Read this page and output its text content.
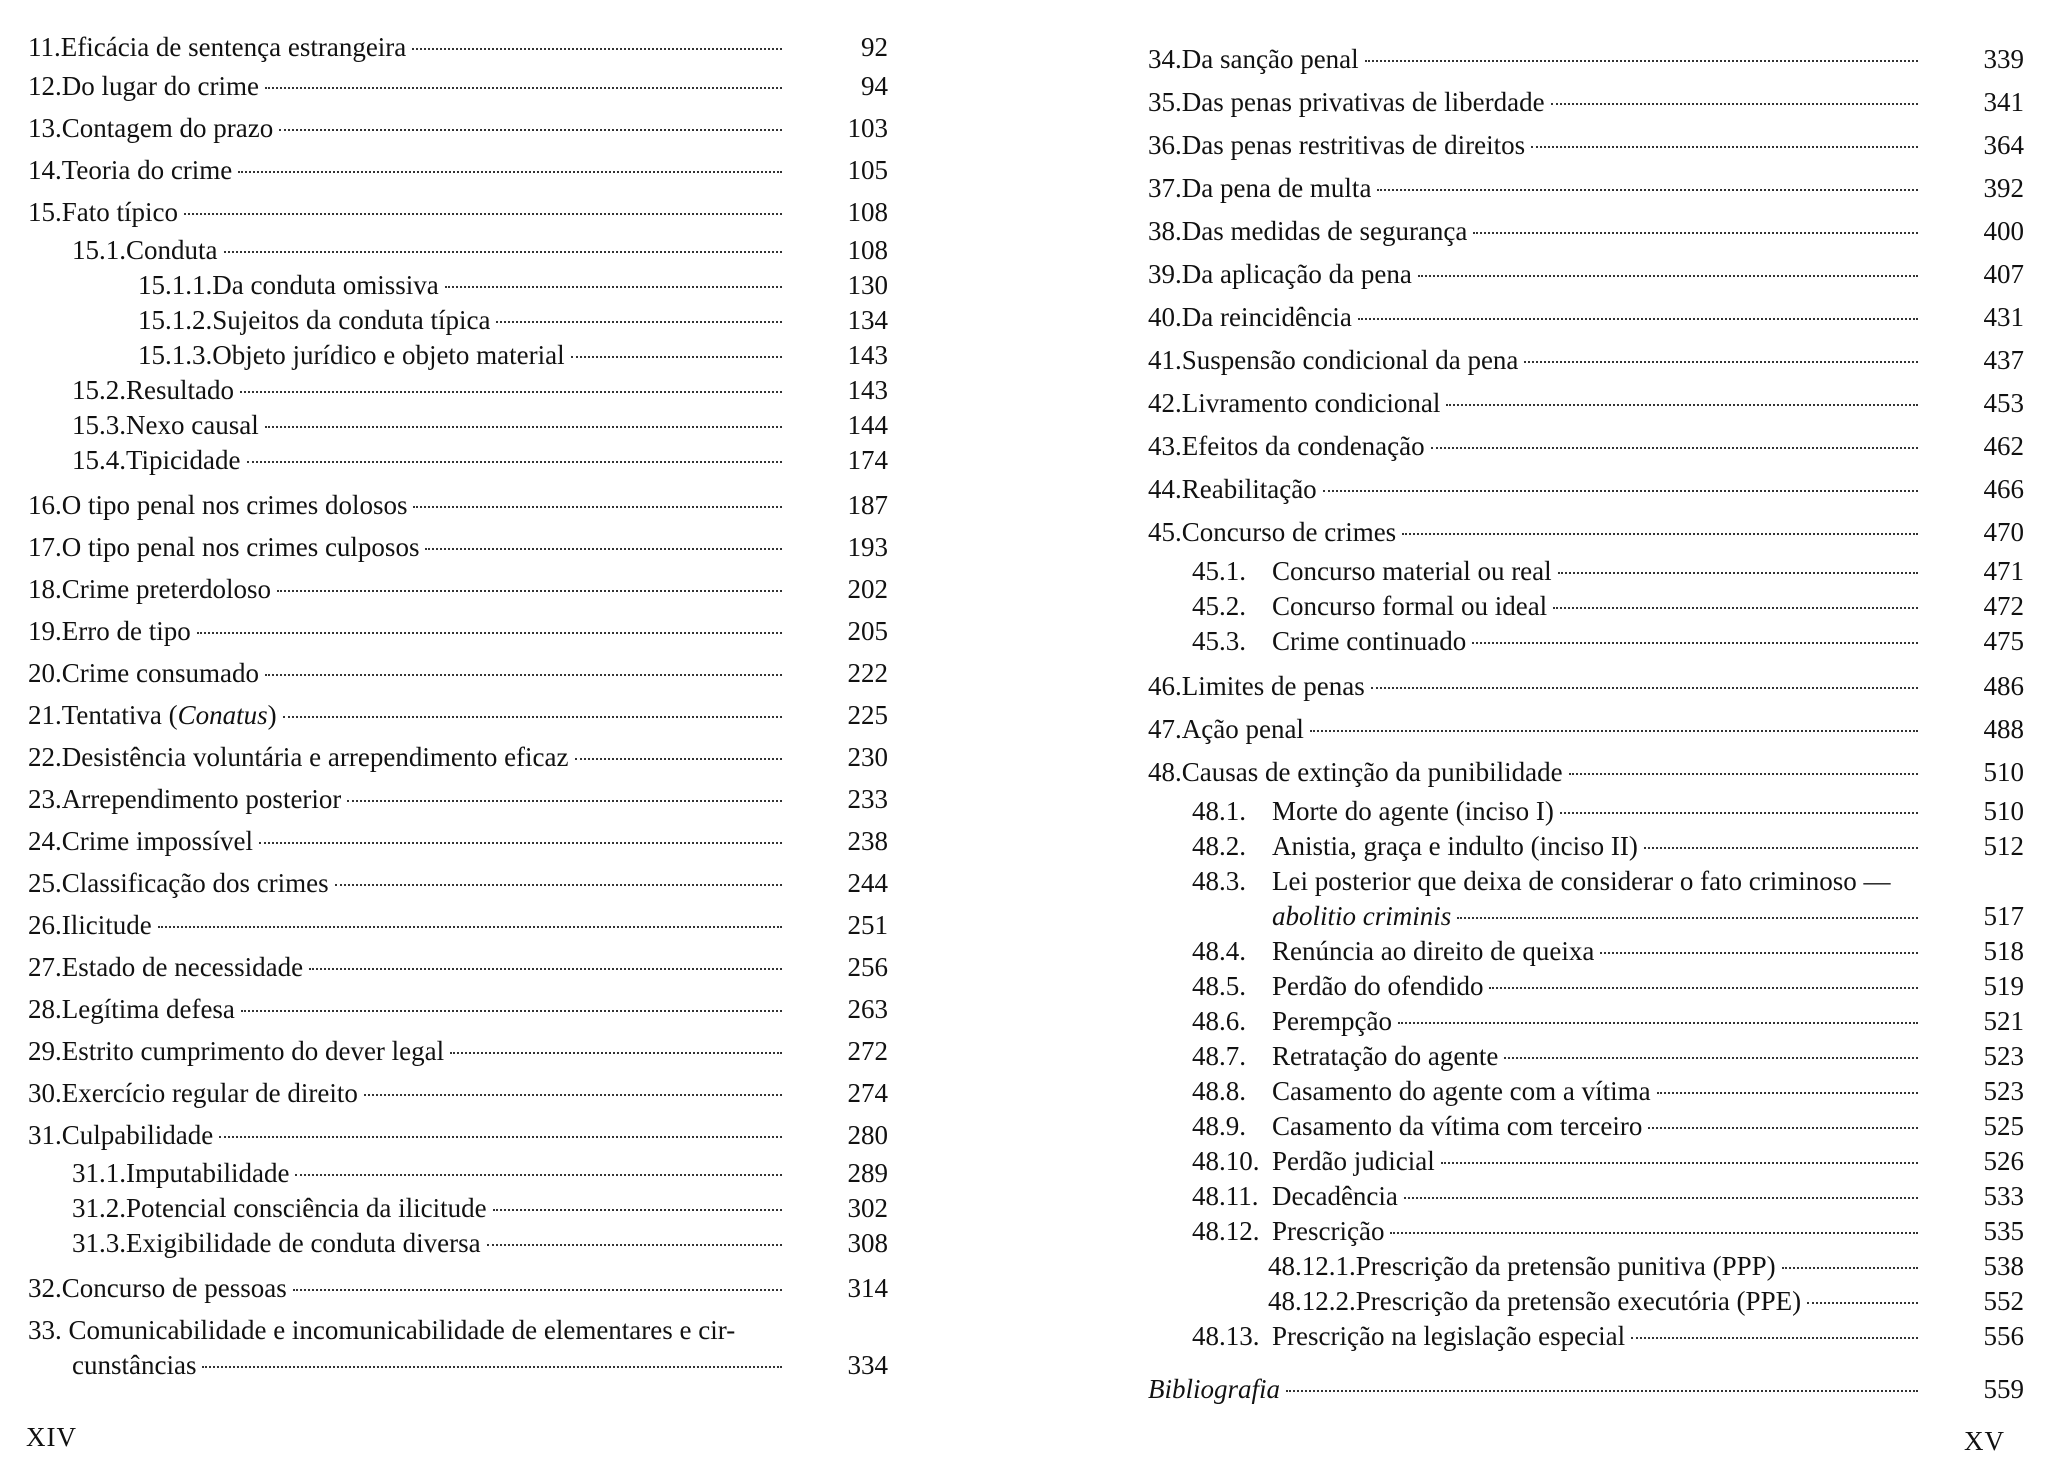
11. Eficácia de sentença estrangeira	92
12. Do lugar do crime	94
13. Contagem do prazo	103
14. Teoria do crime	105
15. Fato típico	108
15.1. Conduta	108
15.1.1. Da conduta omissiva	130
15.1.2. Sujeitos da conduta típica	134
15.1.3. Objeto jurídico e objeto material	143
15.2. Resultado	143
15.3. Nexo causal	144
15.4. Tipicidade	174
16. O tipo penal nos crimes dolosos	187
17. O tipo penal nos crimes culposos	193
18. Crime preterdoloso	202
19. Erro de tipo	205
20. Crime consumado	222
21. Tentativa (Conatus)	225
22. Desistência voluntária e arrependimento eficaz	230
23. Arrependimento posterior	233
24. Crime impossível	238
25. Classificação dos crimes	244
26. Ilicitude	251
27. Estado de necessidade	256
28. Legítima defesa	263
29. Estrito cumprimento do dever legal	272
30. Exercício regular de direito	274
31. Culpabilidade	280
31.1. Imputabilidade	289
31.2. Potencial consciência da ilicitude	302
31.3. Exigibilidade de conduta diversa	308
32. Concurso de pessoas	314
33. Comunicabilidade e incomunicabilidade de elementares e cir-
cunstâncias	334
XIV
34. Da sanção penal	339
35. Das penas privativas de liberdade	341
36. Das penas restritivas de direitos	364
37. Da pena de multa	392
38. Das medidas de segurança	400
39. Da aplicação da pena	407
40. Da reincidência	431
41. Suspensão condicional da pena	437
42. Livramento condicional	453
43. Efeitos da condenação	462
44. Reabilitação	466
45. Concurso de crimes	470
45.1. Concurso material ou real	471
45.2. Concurso formal ou ideal	472
45.3. Crime continuado	475
46. Limites de penas	486
47. Ação penal	488
48. Causas de extinção da punibilidade	510
48.1. Morte do agente (inciso I)	510
48.2. Anistia, graça e indulto (inciso II)	512
48.3.Lei posterior que deixa de considerar o fato criminoso —
abolitio criminis	517
48.4. Renúncia ao direito de queixa	518
48.5. Perdão do ofendido	519
48.6. Perempção	521
48.7. Retratação do agente	523
48.8. Casamento do agente com a vítima	523
48.9. Casamento da vítima com terceiro	525
48.10. Perdão judicial	526
48.11. Decadência	533
48.12. Prescrição	535
48.12.1. Prescrição da pretensão punitiva (PPP)	538
48.12.2. Prescrição da pretensão executória (PPE)	552
48.13. Prescrição na legislação especial	556
Bibliografia	559
XV
